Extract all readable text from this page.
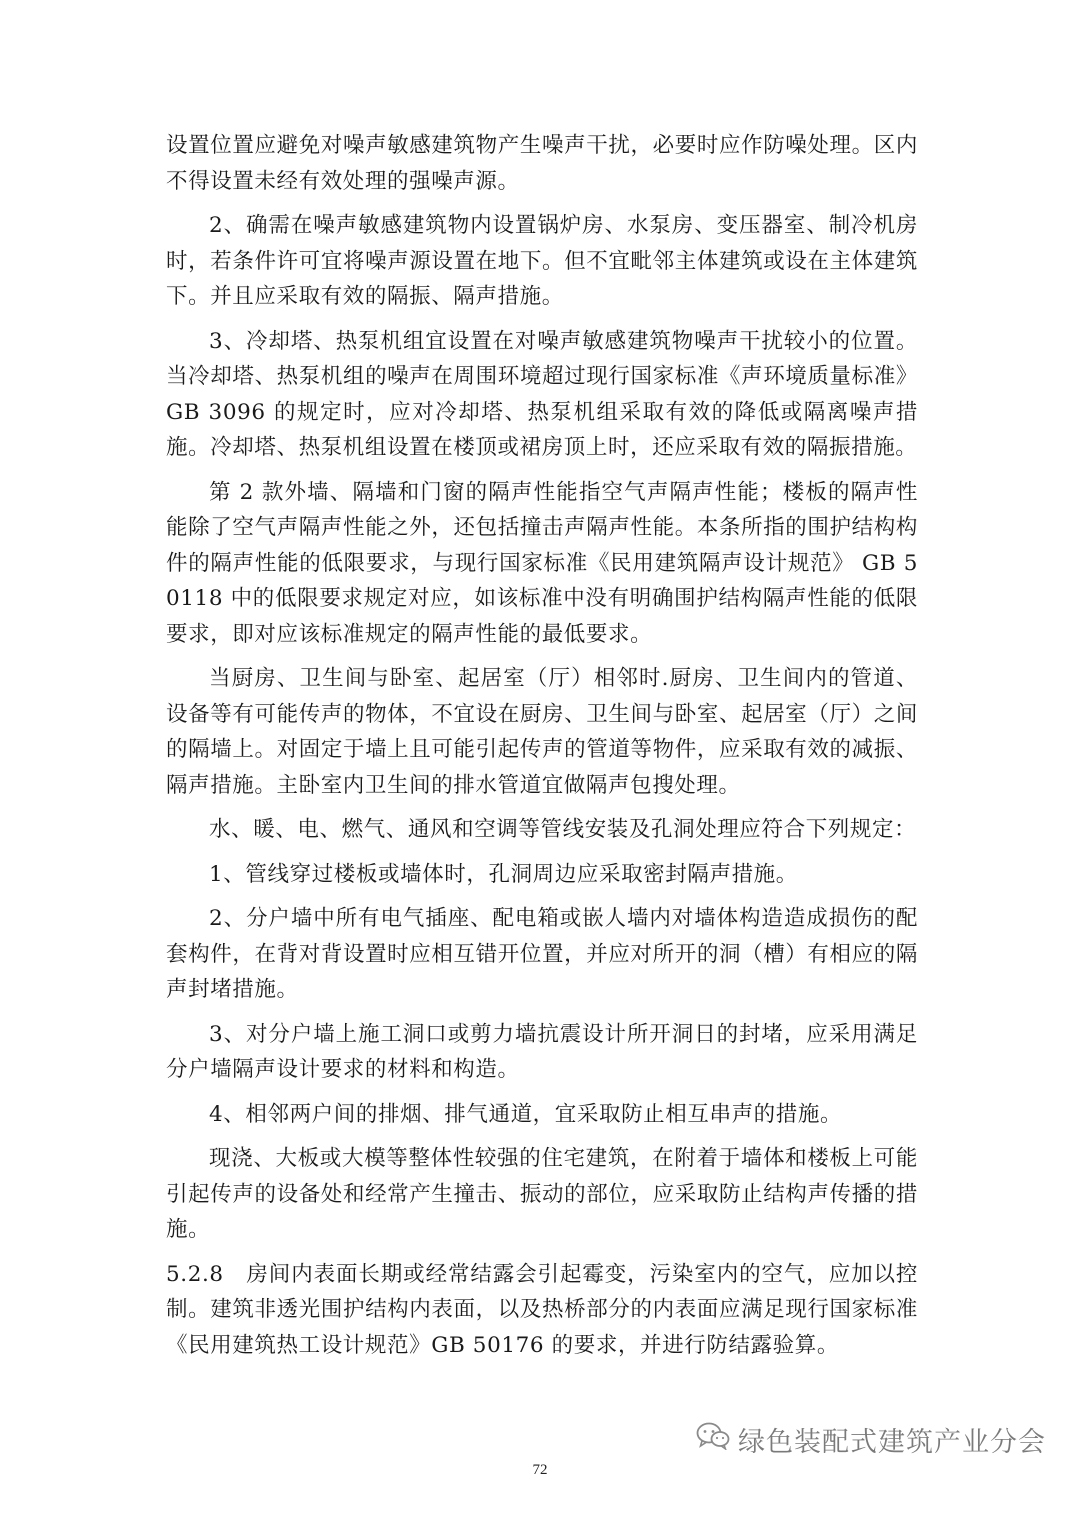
设置位置应避免对噪声敏感建筑物产生噪声干扰，必要时应作防噪处理。区内不得设置未经有效处理的强噪声源。

2、确需在噪声敏感建筑物内设置锅炉房、水泵房、变压器室、制冷机房时，若条件许可宜将噪声源设置在地下。但不宜毗邻主体建筑或设在主体建筑下。并且应采取有效的隔振、隔声措施。

3、冷却塔、热泵机组宜设置在对噪声敏感建筑物噪声干扰较小的位置。当冷却塔、热泵机组的噪声在周围环境超过现行国家标准《声环境质量标准》 GB 3096 的规定时，应对冷却塔、热泵机组采取有效的降低或隔离噪声措施。冷却塔、热泵机组设置在楼顶或裙房顶上时，还应采取有效的隔振措施。

第 2 款外墙、隔墙和门窗的隔声性能指空气声隔声性能；楼板的隔声性能除了空气声隔声性能之外，还包括撞击声隔声性能。本条所指的围护结构构件的隔声性能的低限要求，与现行国家标准《民用建筑隔声设计规范》 GB 50118 中的低限要求规定对应，如该标准中没有明确围护结构隔声性能的低限要求，即对应该标准规定的隔声性能的最低要求。

当厨房、卫生间与卧室、起居室（厅）相邻时.厨房、卫生间内的管道、设备等有可能传声的物体，不宜设在厨房、卫生间与卧室、起居室（厅）之间的隔墙上。对固定于墙上且可能引起传声的管道等物件，应采取有效的减振、隔声措施。主卧室内卫生间的排水管道宜做隔声包搜处理。

水、暖、电、燃气、通风和空调等管线安装及孔洞处理应符合下列规定：

1、管线穿过楼板或墙体时，孔洞周边应采取密封隔声措施。

2、分户墙中所有电气插座、配电箱或嵌人墙内对墙体构造造成损伤的配套构件，在背对背设置时应相互错开位置，并应对所开的洞（槽）有相应的隔声封堵措施。

3、对分户墙上施工洞口或剪力墙抗震设计所开洞日的封堵，应采用满足分户墙隔声设计要求的材料和构造。

4、相邻两户间的排烟、排气通道，宜采取防止相互串声的措施。

现浇、大板或大模等整体性较强的住宅建筑，在附着于墙体和楼板上可能引起传声的设备处和经常产生撞击、振动的部位，应采取防止结构声传播的措施。

5.2.8　房间内表面长期或经常结露会引起霉变，污染室内的空气，应加以控制。建筑非透光围护结构内表面，以及热桥部分的内表面应满足现行国家标准《民用建筑热工设计规范》GB 50176 的要求，并进行防结露验算。

72
绿色装配式建筑产业分会
